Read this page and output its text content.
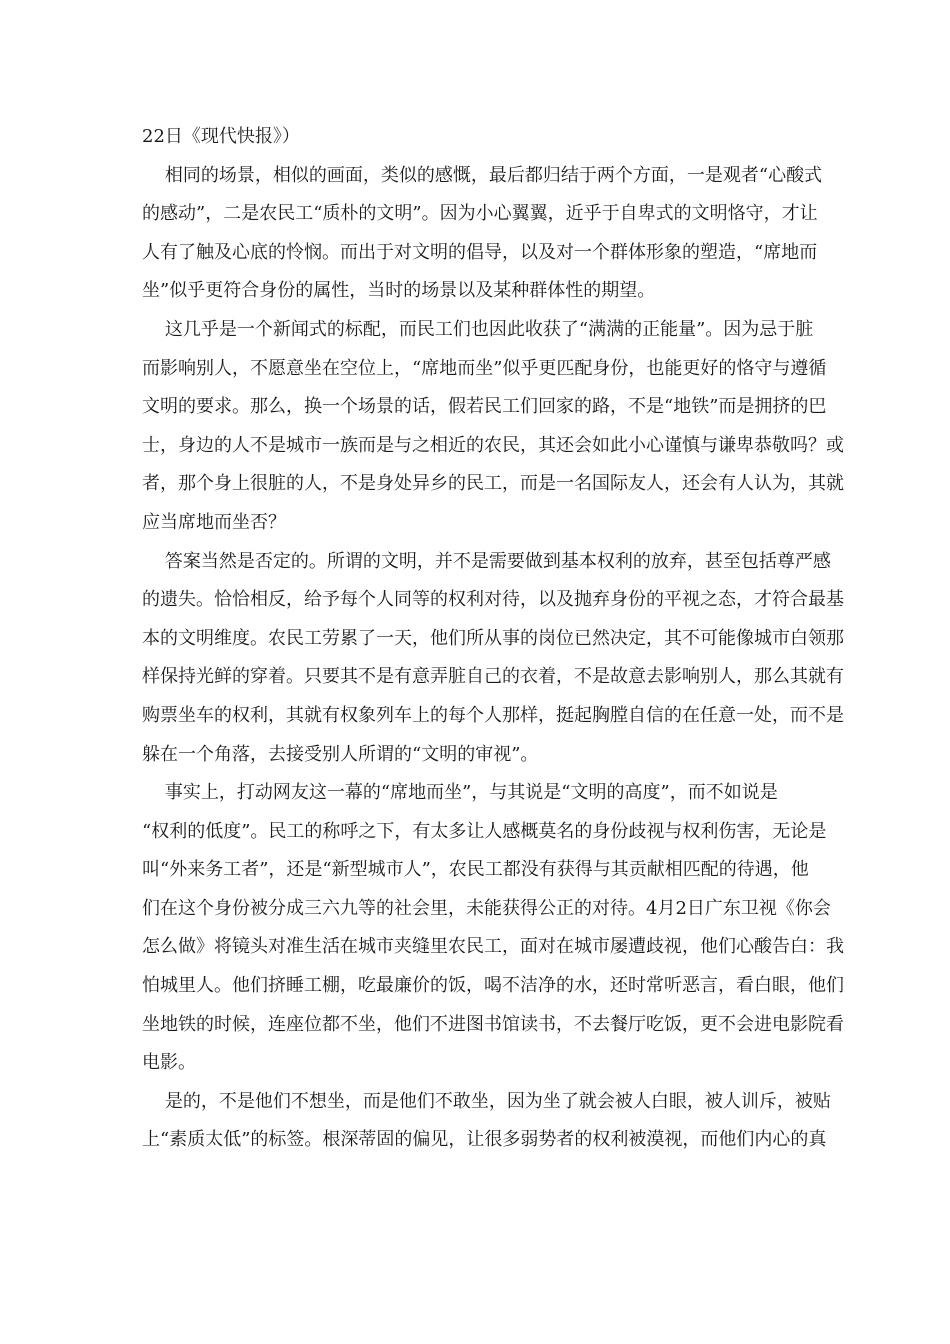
22日《现代快报》）
相同的场景，相似的画面，类似的感慨，最后都归结于两个方面，一是观者“心酸式
的感动”，二是农民工“质朴的文明”。因为小心翼翼，近乎于自卑式的文明恪守，才让
人有了触及心底的怜悯。而出于对文明的倡导，以及对一个群体形象的塑造，“席地而
坐”似乎更符合身份的属性，当时的场景以及某种群体性的期望。
这几乎是一个新闻式的标配，而民工们也因此收获了“满满的正能量”。因为忌于脏
而影响别人，不愿意坐在空位上，“席地而坐”似乎更匹配身份，也能更好的恪守与遵循
文明的要求。那么，换一个场景的话，假若民工们回家的路，不是“地铁”而是拥挤的巴
士，身边的人不是城市一族而是与之相近的农民，其还会如此小心谨慎与谦卑恭敬吗？或
者，那个身上很脏的人，不是身处异乡的民工，而是一名国际友人，还会有人认为，其就
应当席地而坐否？
答案当然是否定的。所谓的文明，并不是需要做到基本权利的放弃，甚至包括尊严感
的遗失。恰恰相反，给予每个人同等的权利对待，以及抛弃身份的平视之态，才符合最基
本的文明维度。农民工劳累了一天，他们所从事的岗位已然决定，其不可能像城市白领那
样保持光鲜的穿着。只要其不是有意弄脏自己的衣着，不是故意去影响别人，那么其就有
购票坐车的权利，其就有权象列车上的每个人那样，挺起胸膛自信的在任意一处，而不是
躲在一个角落，去接受别人所谓的“文明的审视”。
事实上，打动网友这一幕的“席地而坐”，与其说是“文明的高度”，而不如说是
“权利的低度”。民工的称呼之下，有太多让人感概莫名的身份歧视与权利伤害，无论是
叫“外来务工者”，还是“新型城市人”，农民工都没有获得与其贡献相匹配的待遇，他
们在这个身份被分成三六九等的社会里，未能获得公正的对待。4月2日广东卫视《你会
怎么做》将镜头对准生活在城市夹缝里农民工，面对在城市屡遭歧视，他们心酸告白：我
怕城里人。他们挤睡工棚，吃最廉价的饭，喝不洁净的水，还时常听恶言，看白眼，他们
坐地铁的时候，连座位都不坐，他们不进图书馆读书，不去餐厅吃饭，更不会进电影院看
电影。
是的，不是他们不想坐，而是他们不敢坐，因为坐了就会被人白眼，被人训斥，被贴
上“素质太低”的标签。根深蒂固的偏见，让很多弱势者的权利被漠视，而他们内心的真
